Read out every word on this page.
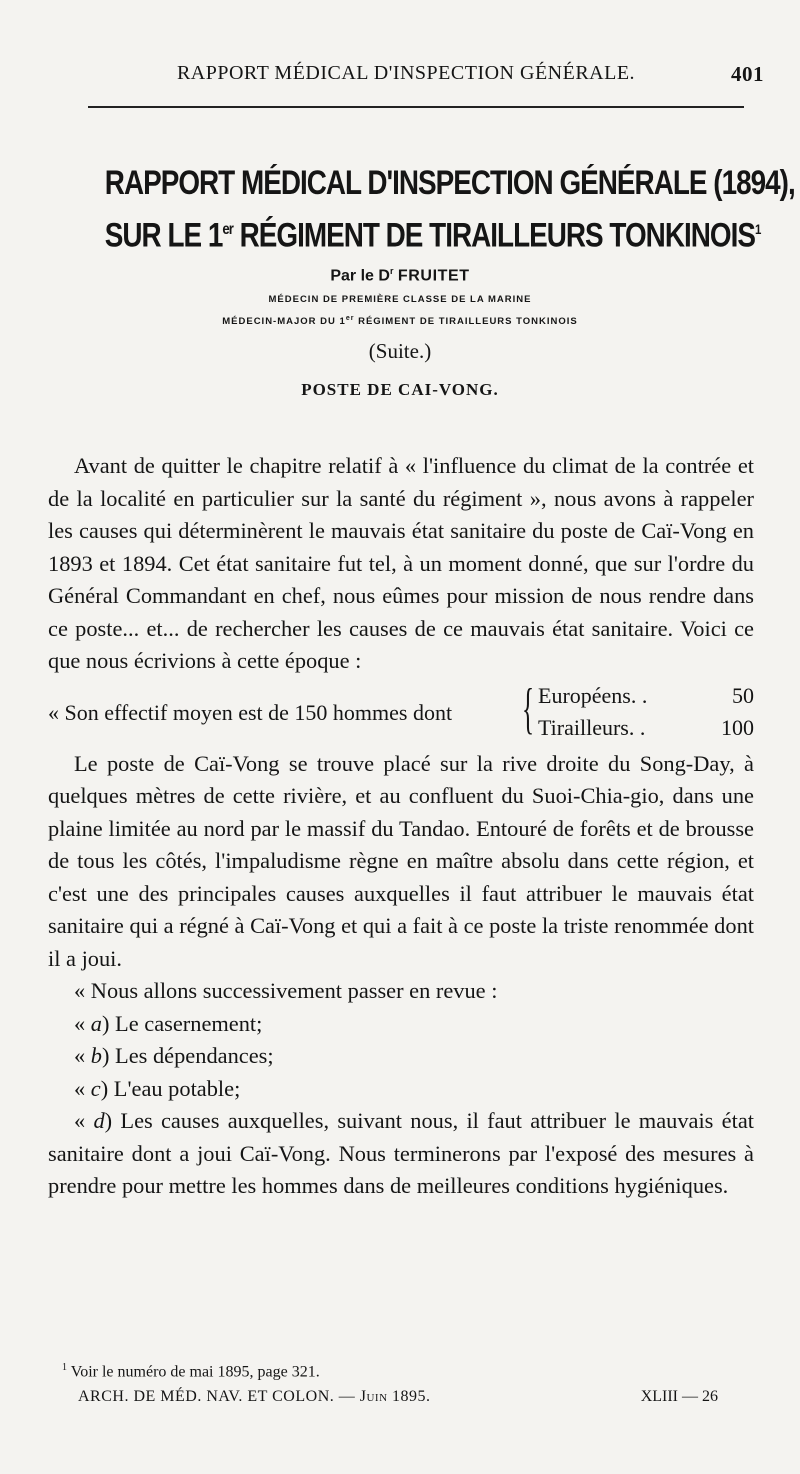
RAPPORT MÉDICAL D'INSPECTION GÉNÉRALE.	401
RAPPORT MÉDICAL D'INSPECTION GÉNÉRALE (1894),
SUR LE 1er RÉGIMENT DE TIRAILLEURS TONKINOIS$^1$
Par le $D^r$ FRUITET
MÉDECIN DE PREMIÈRE CLASSE DE LA MARINE
MÉDECIN-MAJOR DU 1er RÉGIMENT DE TIRAILLEURS TONKINOIS
(Suite.)
POSTE DE CAI-VONG.

Avant de quitter le chapitre relatif à « l'influence du climat de la contrée et de la localité en particulier sur la santé du régiment », nous avons à rappeler les causes qui déterminèrent le mauvais état sanitaire du poste de Caï-Vong en 1893 et 1894. Cet état sanitaire fut tel, à un moment donné, que sur l'ordre du Général Commandant en chef, nous eûmes pour mission de nous rendre dans ce poste... et... de rechercher les causes de ce mauvais état sanitaire. Voici ce que nous écrivions à cette époque :

« Son effectif moyen est de 150 hommes dont { Européens. .	50
Tirailleurs. .	100

Le poste de Caï-Vong se trouve placé sur la rive droite du Song-Day, à quelques mètres de cette rivière, et au confluent du Suoi-Chia-gio, dans une plaine limitée au nord par le massif du Tandao. Entouré de forêts et de brousse de tous les côtés, l'impaludisme règne en maître absolu dans cette région, et c'est une des principales causes auxquelles il faut attribuer le mauvais état sanitaire qui a régné à Caï-Vong et qui a fait à ce poste la triste renommée dont il a joui.

« Nous allons successivement passer en revue :

« a) Le casernement;

« b) Les dépendances;

« c) L'eau potable;

« d) Les causes auxquelles, suivant nous, il faut attribuer le mauvais état sanitaire dont a joui Caï-Vong. Nous terminerons par l'exposé des mesures à prendre pour mettre les hommes dans de meilleures conditions hygiéniques.

$^1$ Voir le numéro de mai 1895, page 321.
ARCH. DE MÉD. NAV. ET COLON. — Juin 1895.	XLIII — 26
